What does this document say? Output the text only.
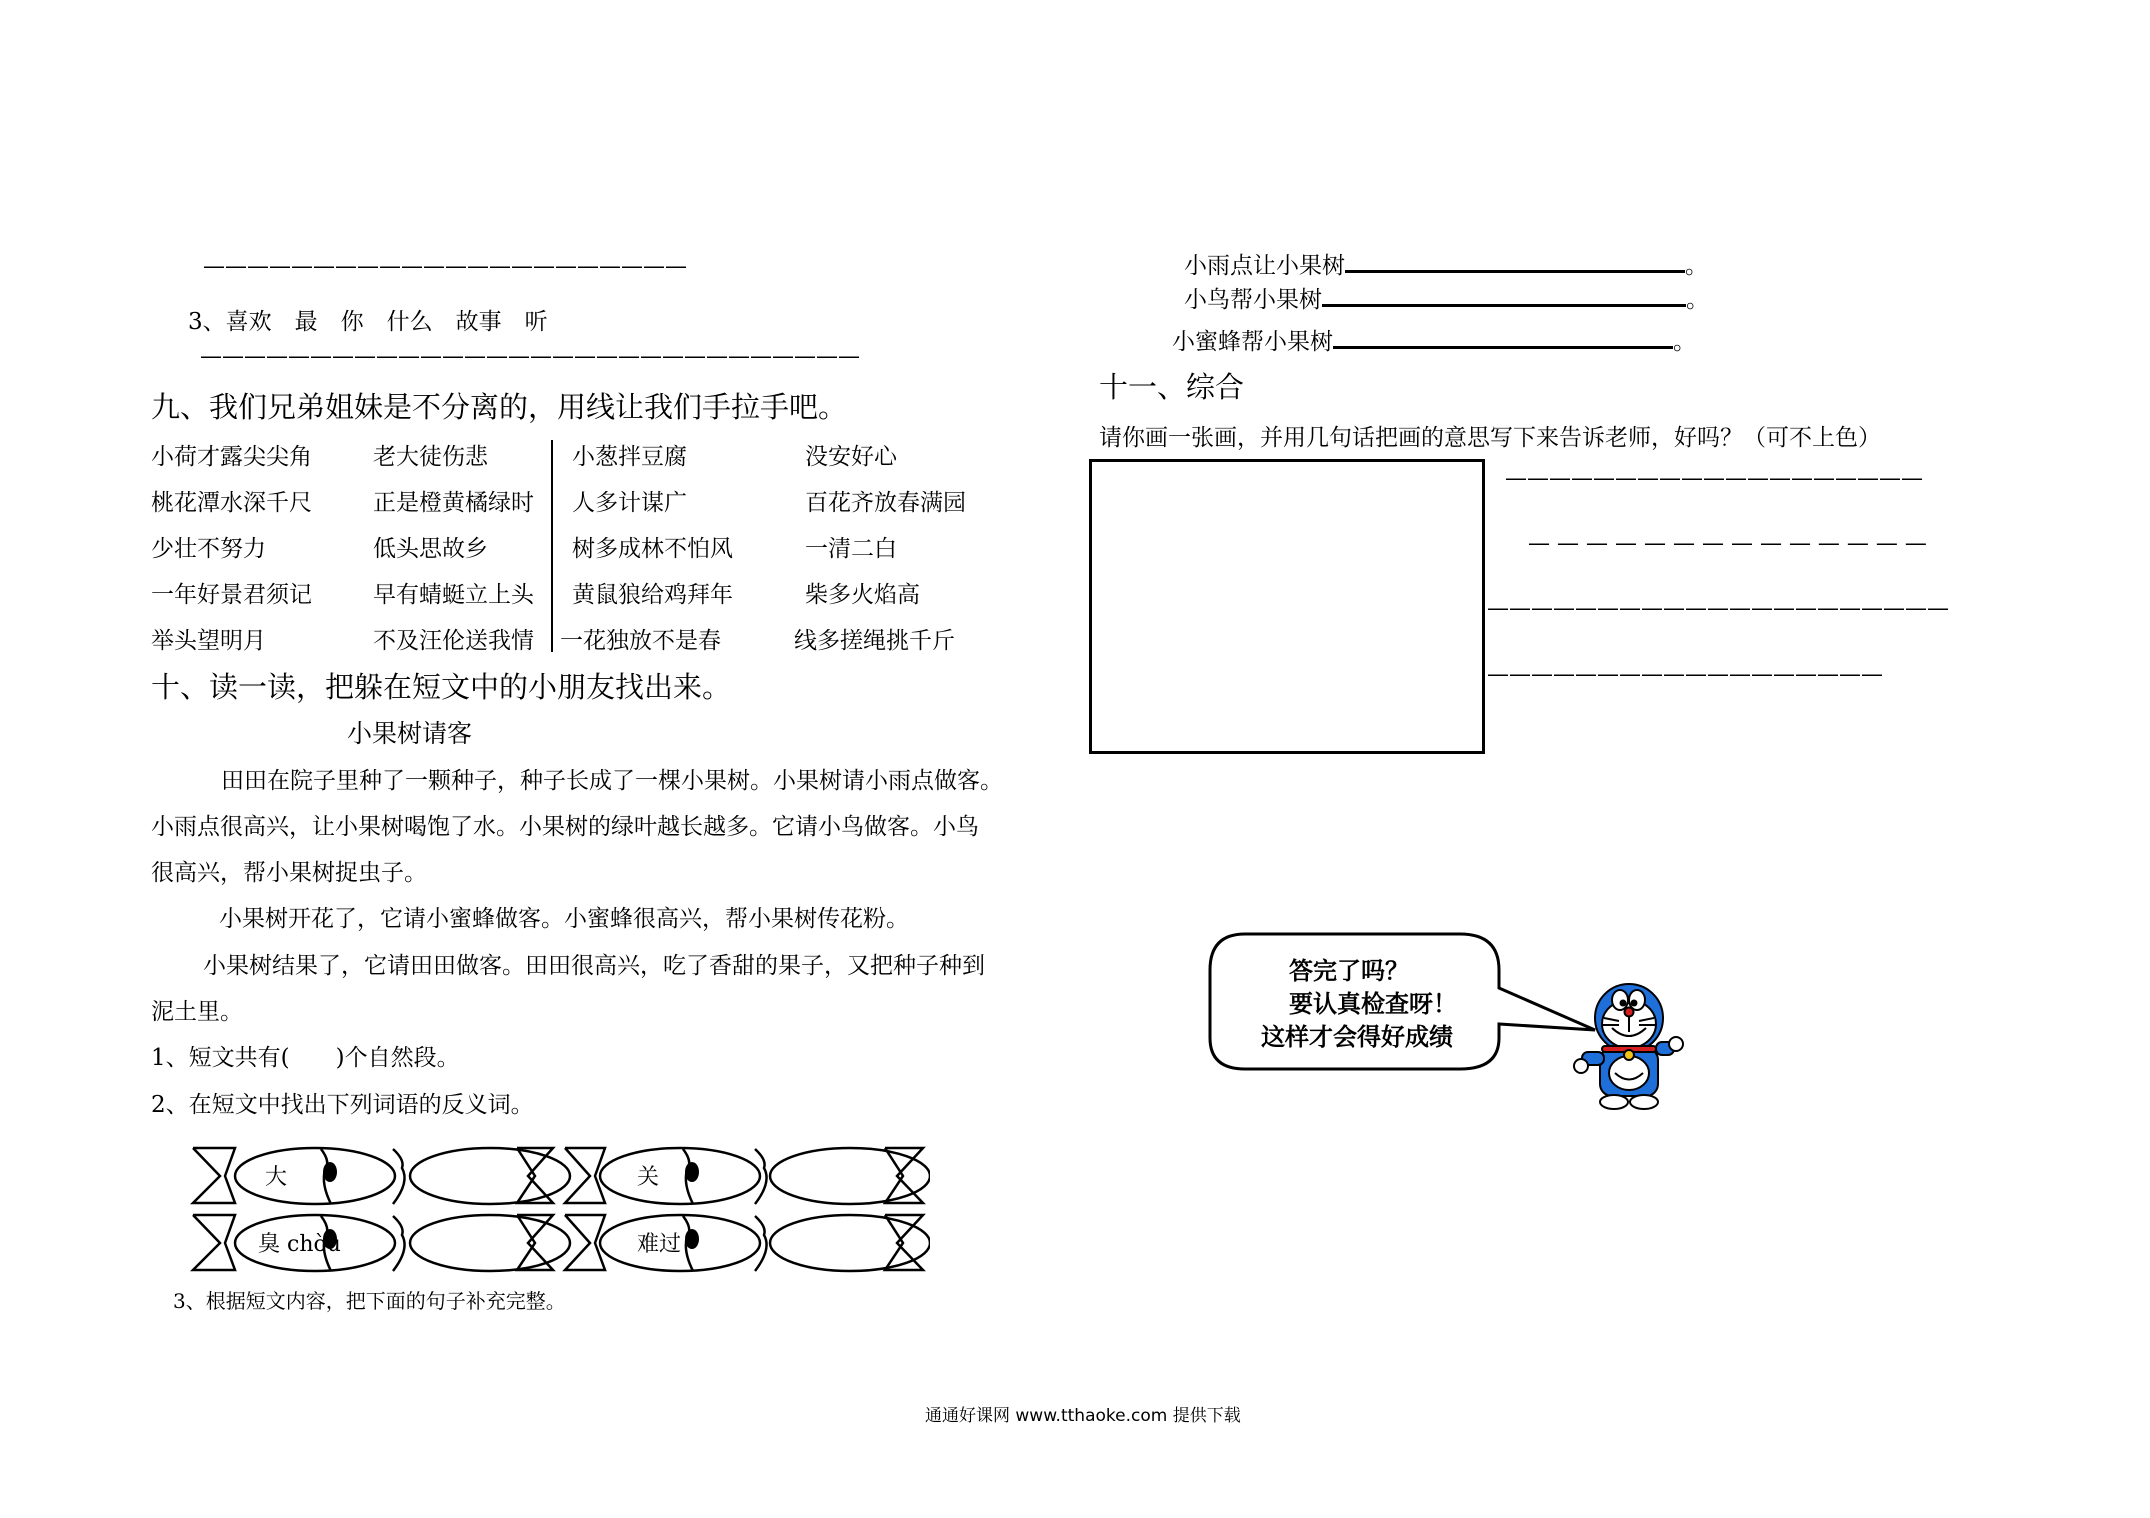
——————————————————————
3、喜欢　最　你　什么　故事　听
——————————————————————————————
九、我们兄弟姐妹是不分离的，用线让我们手拉手吧。
小荷才露尖尖角	老大徒伤悲	小葱拌豆腐	没安好心
桃花潭水深千尺	正是橙黄橘绿时 人多计谋广	百花齐放春满园
少壮不努力	低头思故乡	树多成林不怕风	一清二白
一年好景君须记	早有蜻蜓立上头 黄鼠狼给鸡拜年	柴多火焰高
举头望明月	不及汪伦送我情 一花独放不是春	线多搓绳挑千斤
十、读一读，把躲在短文中的小朋友找出来。
小果树请客
田田在院子里种了一颗种子，种子长成了一棵小果树。小果树请小雨点做客。
小雨点很高兴，让小果树喝饱了水。小果树的绿叶越长越多。它请小鸟做客。小鸟
很高兴，帮小果树捉虫子。
小果树开花了，它请小蜜蜂做客。小蜜蜂很高兴，帮小果树传花粉。
小果树结果了，它请田田做客。田田很高兴，吃了香甜的果子，又把种子种到
泥土里。
1、短文共有(　　)个自然段。
2、在短文中找出下列词语的反义词。
大	关
臭 chòu	难过
3、根据短文内容，把下面的句子补充完整。
小雨点让小果树	。
小鸟帮小果树	。
小蜜蜂帮小果树	。
十一、综合
请你画一张画，并用几句话把画的意思写下来告诉老师，好吗？（可不上色）
———————————————————
— — — — — — — — — — — — — —
—————————————————————
——————————————————
答完了吗？
要认真检查呀！
这样才会得好成绩
通通好课网 www.tthaoke.com 提供下载
